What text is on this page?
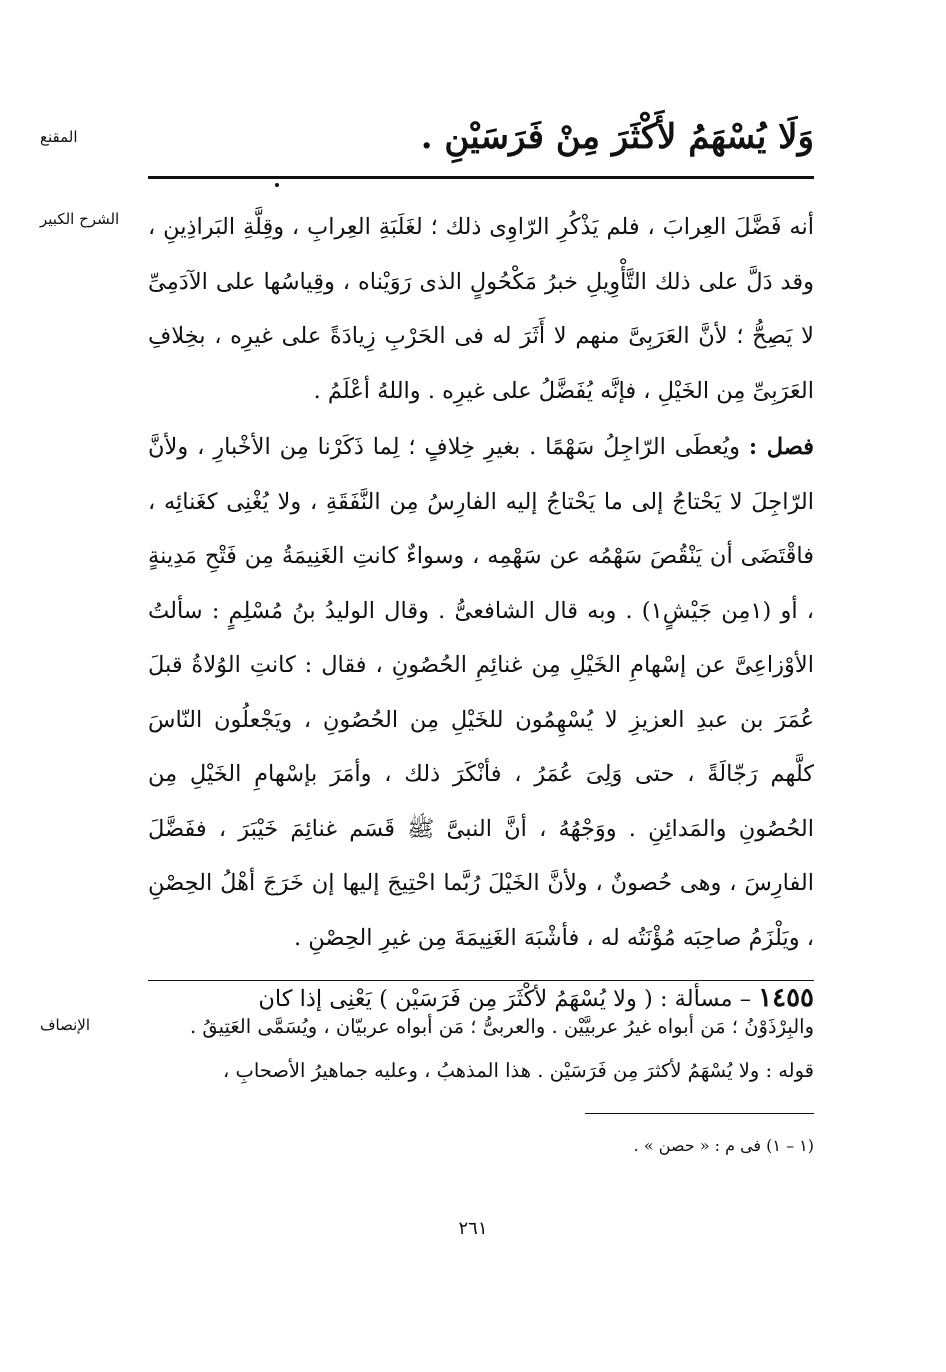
المقنع
الشرح الكبير
الإنصاف
وَلَا يُسْهَمُ لأَكْثَرَ مِنْ فَرَسَيْنِ .
أنه فَضَّلَ العِرابَ ، فلم يَذْكُرِ الرّاوِى ذلك ؛ لغَلَبَةِ العِرابِ ، وقِلَّةِ البَراذِينِ ، وقد دَلَّ على ذلك التَّأْوِيلِ خبرُ مَكْحُولٍ الذى رَوَيْناه ، وقِياسُها على الآدَمِىِّ لا يَصِحُّ ؛ لأنَّ العَرَبِىَّ منهم لا أَثَرَ له فى الحَرْبِ زِيادَةً على غيرِه ، بخِلافِ العَرَبِىِّ مِن الخَيْلِ ، فإنَّه يُفَضَّلُ على غيرِه . واللهُ أعْلَمُ .
فصل : ويُعطَى الرّاجِلُ سَهْمًا . بغيرِ خِلافٍ ؛ لِما ذَكَرْنا مِن الأخْبارِ ، ولأنَّ الرّاجِلَ لا يَحْتاجُ إلى ما يَحْتاجُ إليه الفارِسُ مِن النَّفَقَةِ ، ولا يُغْنِى كغَنائِه ، فاقْتَضَى أن يَنْقُصَ سَهْمُه عن سَهْمِه ، وسواءٌ كانتِ الغَنِيمَةُ مِن فَتْحِ مَدِينةٍ ، أو (١مِن جَيْشٍ١) . وبه قال الشافعىُّ . وقال الوليدُ بنُ مُسْلِمٍ : سألتُ الأوْزاعِىَّ عن إسْهامِ الخَيْلِ مِن غنائِمِ الحُصُونِ ، فقال : كانتِ الوُلاةُ قبلَ عُمَرَ بن عبدِ العزيزِ لا يُسْهِمُون للخَيْلِ مِن الحُصُونِ ، ويَجْعلُون النّاسَ كلَّهم رَجّالَةً ، حتى وَلِىَ عُمَرُ ، فأنْكَرَ ذلك ، وأمَرَ بإسْهامِ الخَيْلِ مِن الحُصُونِ والمَدائِنِ . ووَجْهُهُ ، أنَّ النبىَّ ﷺ قَسَم غنائِمَ خَيْبَرَ ، ففَضَّلَ الفارِسَ ، وهى حُصونٌ ، ولأنَّ الخَيْلَ رُبَّما احْتِيجَ إليها إن خَرَجَ أهْلُ الحِصْنِ ، ويَلْزَمُ صاحِبَه مُؤْنَتُه له ، فأشْبَهَ الغَنِيمَةَ مِن غيرِ الحِصْنِ .
١٤٥٥ – مسألة : ( ولا يُسْهَمُ لأكْثَرَ مِن فَرَسَيْن ) يَعْنِى إذا كان
والبِرْذَوْنُ ؛ مَن أبواه غيرُ عربيَّيْن . والعربىُّ ؛ مَن أبواه عربيّان ، ويُسَمَّى العَتِيقُ .
قوله : ولا يُسْهَمُ لأكثرَ مِن فَرَسَيْن . هذا المذهبُ ، وعليه جماهيرُ الأصحابِ ،
(١ – ١) فى م : « حصن » .
٢٦١
